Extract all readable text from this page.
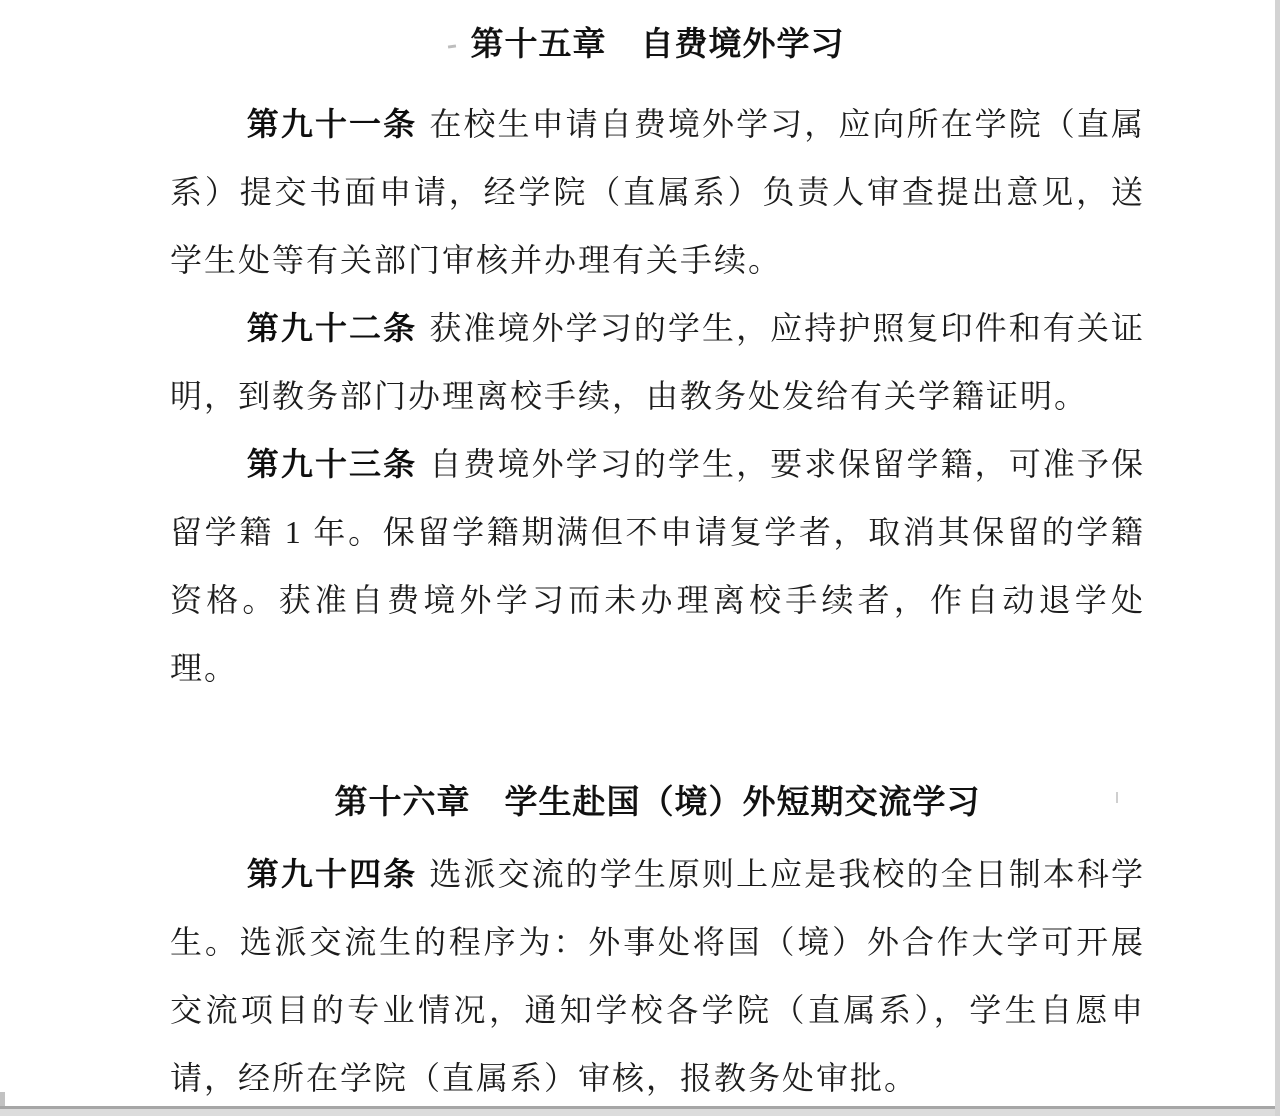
第十五章　自费境外学习

第九十一条 在校生申请自费境外学习，应向所在学院（直属系）提交书面申请，经学院（直属系）负责人审查提出意见，送学生处等有关部门审核并办理有关手续。

第九十二条 获准境外学习的学生，应持护照复印件和有关证明，到教务部门办理离校手续，由教务处发给有关学籍证明。

第九十三条 自费境外学习的学生，要求保留学籍，可准予保留学籍 1 年。保留学籍期满但不申请复学者，取消其保留的学籍资格。获准自费境外学习而未办理离校手续者，作自动退学处理。

第十六章　学生赴国（境）外短期交流学习

第九十四条 选派交流的学生原则上应是我校的全日制本科学生。选派交流生的程序为：外事处将国（境）外合作大学可开展交流项目的专业情况，通知学校各学院（直属系），学生自愿申请，经所在学院（直属系）审核，报教务处审批。
